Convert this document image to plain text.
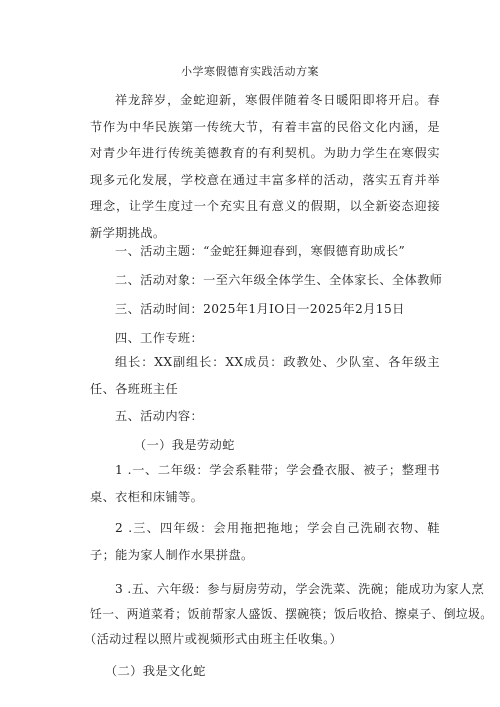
小学寒假德育实践活动方案

祥龙辞岁，金蛇迎新，寒假伴随着冬日暖阳即将开启。春节作为中华民族第一传统大节，有着丰富的民俗文化内涵，是对青少年进行传统美德教育的有利契机。为助力学生在寒假实现多元化发展，学校意在通过丰富多样的活动，落实五育并举理念，让学生度过一个充实且有意义的假期，以全新姿态迎接新学期挑战。

一、活动主题：“金蛇狂舞迎春到，寒假德育助成长”

二、活动对象：一至六年级全体学生、全体家长、全体教师

三、活动时间：2025年1月IO日一2025年2月15日

四、工作专班：

组长：XX副组长：XX成员：政教处、少队室、各年级主任、各班班主任

五、活动内容：

（一）我是劳动蛇

1 .一、二年级：学会系鞋带；学会叠衣服、被子；整理书桌、衣柜和床铺等。

2 .三、四年级：会用拖把拖地；学会自己洗刷衣物、鞋子；能为家人制作水果拼盘。

3 .五、六年级：参与厨房劳动，学会洗菜、洗碗；能成功为家人烹

饪一、两道菜肴；饭前帮家人盛饭、摆碗筷；饭后收拾、擦桌子、倒垃圾。

（活动过程以照片或视频形式由班主任收集。）

（二）我是文化蛇
